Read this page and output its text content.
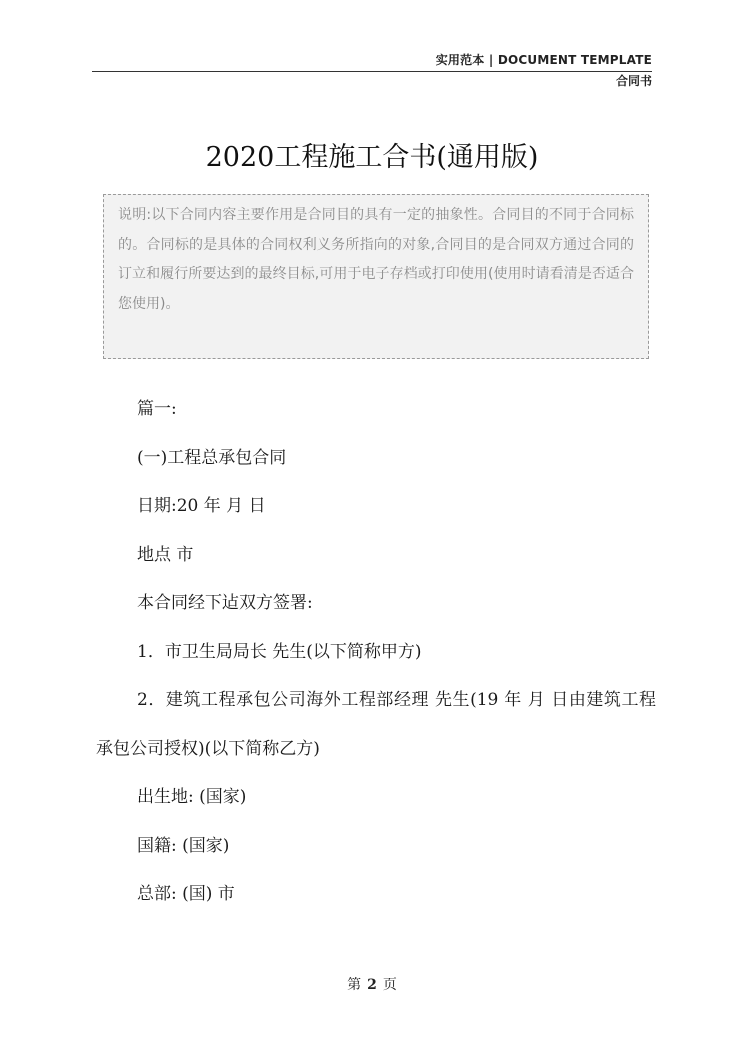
实用范本 | DOCUMENT TEMPLATE
合同书
2020工程施工合书(通用版)
说明:以下合同内容主要作用是合同目的具有一定的抽象性。合同目的不同于合同标的。合同标的是具体的合同权利义务所指向的对象,合同目的是合同双方通过合同的订立和履行所要达到的最终目标,可用于电子存档或打印使用(使用时请看清是否适合您使用)。

篇一:

(一)工程总承包合同

日期:20 年 月 日

地点 市

本合同经下迠双方签署:

1．市卫生局局长 先生(以下简称甲方)

2．建筑工程承包公司海外工程部经理 先生(19 年 月 日由建筑工程承包公司授权)(以下简称乙方)

出生地: (国家)

国籍: (国家)

总部: (国) 市

第 2 页
